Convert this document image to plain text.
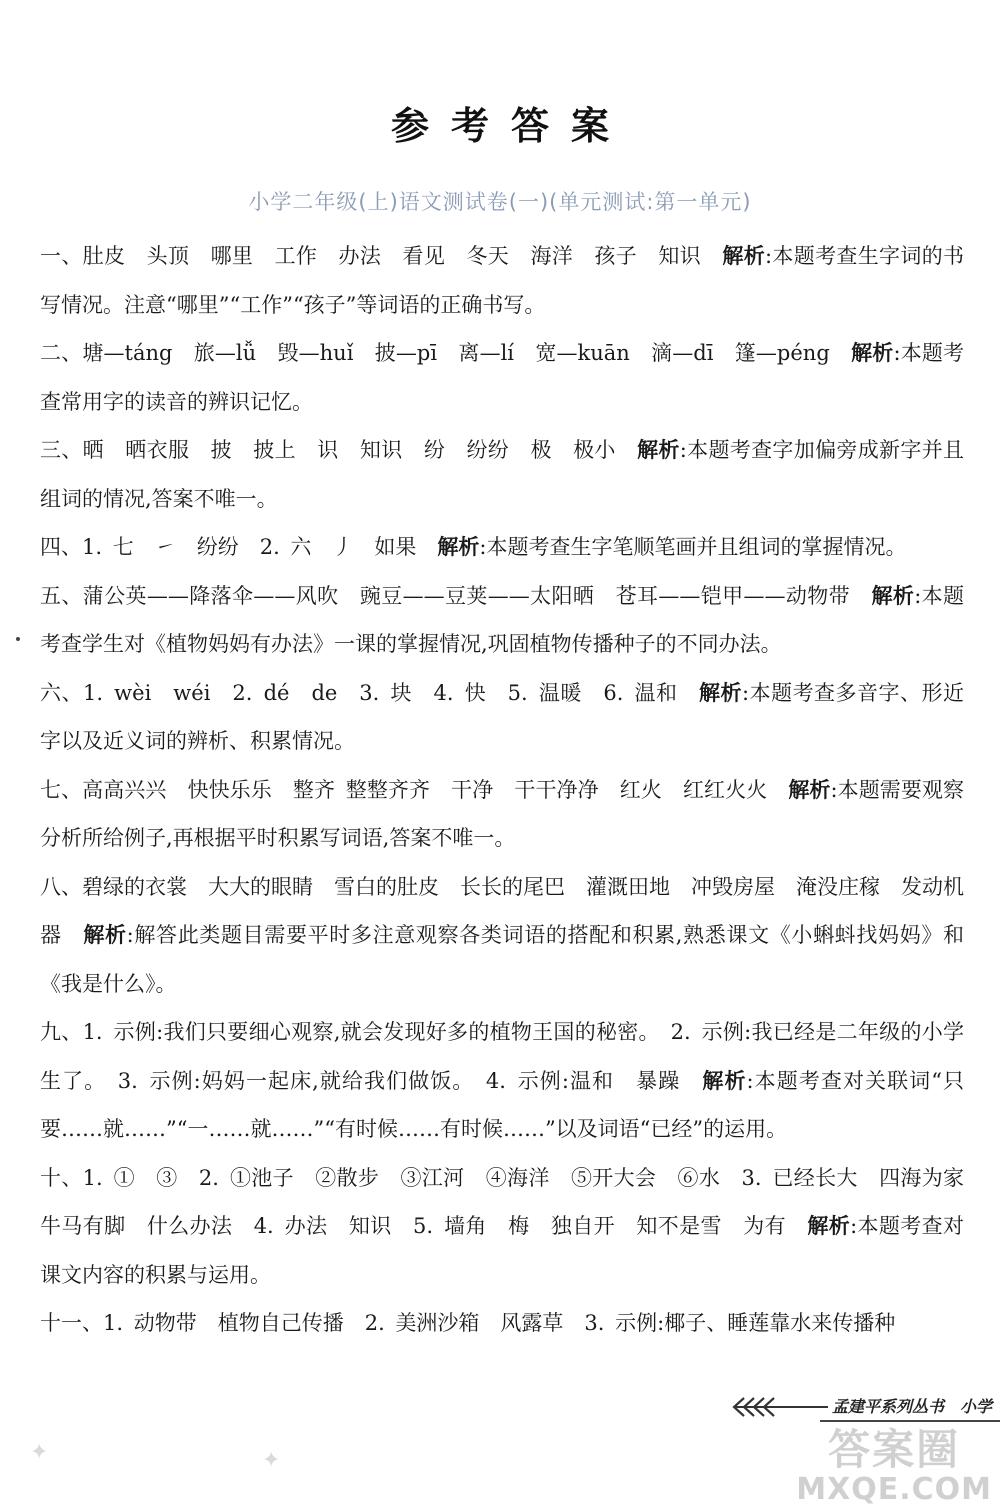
参考答案
小学二年级(上)语文测试卷(一)(单元测试:第一单元)

一、肚皮　头顶　哪里　工作　办法　看见　冬天　海洋　孩子　知识　解析:本题考查生字词的书写情况。注意“哪里”“工作”“孩子”等词语的正确书写。

二、塘—táng　旅—lǚ　毁—huǐ　披—pī　离—lí　宽—kuān　滴—dī　篷—péng　解析:本题考查常用字的读音的辨识记忆。

三、晒　晒衣服　披　披上　识　知识　纷　纷纷　极　极小　解析:本题考查字加偏旁成新字并且组词的情况,答案不唯一。

四、1. 七　㇀　纷纷　2. 六　丿　如果　解析:本题考查生字笔顺笔画并且组词的掌握情况。

五、蒲公英——降落伞——风吹　豌豆——豆荚——太阳晒　苍耳——铠甲——动物带　解析:本题考查学生对《植物妈妈有办法》一课的掌握情况,巩固植物传播种子的不同办法。

六、1. wèi　wéi　2. dé　de　3. 块　4. 快　5. 温暖　6. 温和　解析:本题考查多音字、形近字以及近义词的辨析、积累情况。

七、高高兴兴　快快乐乐　整齐 整整齐齐　干净　干干净净　红火　红红火火　解析:本题需要观察分析所给例子,再根据平时积累写词语,答案不唯一。

八、碧绿的衣裳　大大的眼睛　雪白的肚皮　长长的尾巴　灌溉田地　冲毁房屋　淹没庄稼　发动机器　解析:解答此类题目需要平时多注意观察各类词语的搭配和积累,熟悉课文《小蝌蚪找妈妈》和《我是什么》。

九、1. 示例:我们只要细心观察,就会发现好多的植物王国的秘密。　2. 示例:我已经是二年级的小学生了。　3. 示例:妈妈一起床,就给我们做饭。　4. 示例:温和　暴躁　解析:本题考查对关联词“只要……就……”“一……就……”“有时候……有时候……”以及词语“已经”的运用。

十、1. ①　③　2. ①池子　②散步　③江河　④海洋　⑤开大会　⑥水　3. 已经长大　四海为家　牛马有脚　什么办法　4. 办法　知识　5. 墙角　梅　独自开　知不是雪　为有　解析:本题考查对课文内容的积累与运用。

十一、1. 动物带　植物自己传播　2. 美洲沙箱　风露草　3. 示例:椰子、睡莲靠水来传播种

孟建平系列丛书　小学
✦	✦	答案圈
MXQE.COM
